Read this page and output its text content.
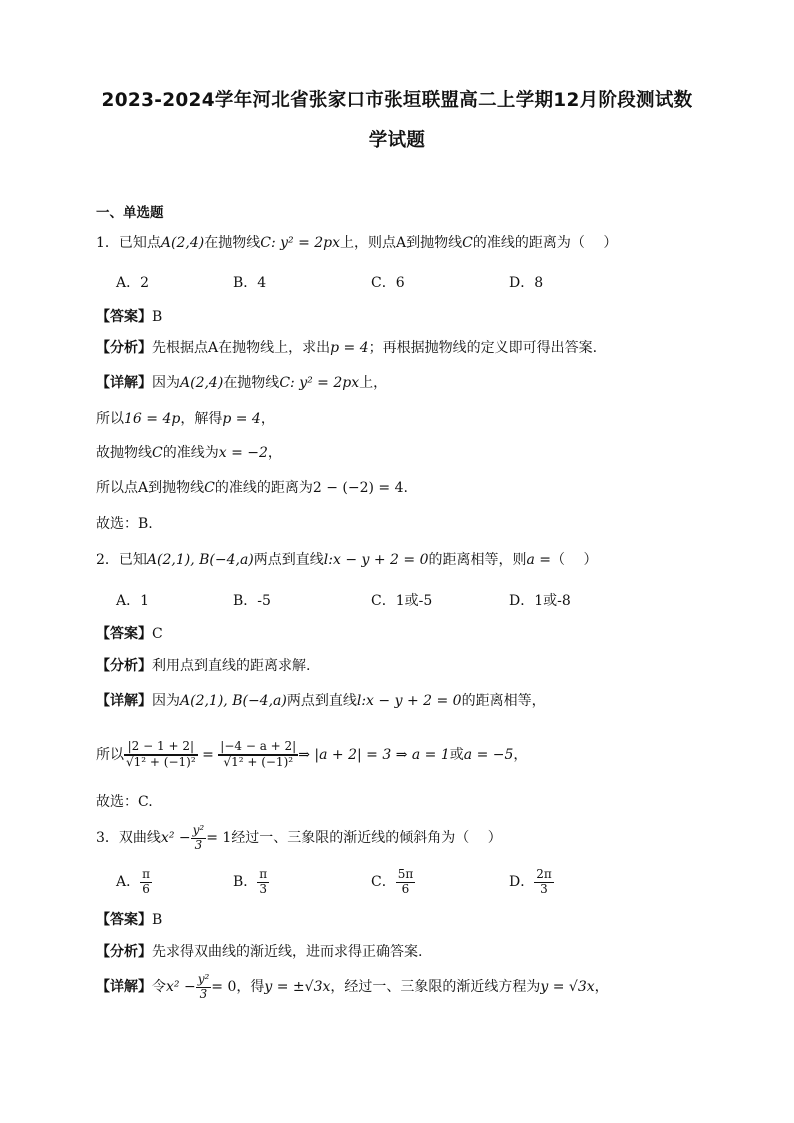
2023-2024学年河北省张家口市张垣联盟高二上学期12月阶段测试数
学试题
一、单选题
1．已知点A(2,4)在抛物线C: y² = 2px上，则点A到抛物线C的准线的距离为（　 ）
A．2	B．4	C．6	D．8
【答案】B
【分析】先根据点A在抛物线上，求出p = 4；再根据抛物线的定义即可得出答案.
【详解】因为A(2,4)在抛物线C: y² = 2px上，
所以16 = 4p，解得p = 4，
故抛物线C的准线为x = −2，
所以点A到抛物线C的准线的距离为2 − (−2) = 4.
故选：B.
2．已知A(2,1), B(−4,a)两点到直线l:x − y + 2 = 0的距离相等，则a =（　 ）
A．1	B．-5	C．1或-5	D．1或-8
【答案】C
【分析】利用点到直线的距离求解.
【详解】因为A(2,1), B(−4,a)两点到直线l:x − y + 2 = 0的距离相等，
所以 $\frac{|2 - 1 + 2|}{\text{√1² + (−1)²}} = \frac{|-4 - a + 2|}{\text{√1² + (−1)²}}$ ⇒ |a + 2| = 3 ⇒ a = 1或a = −5，
故选：C.
3．双曲线$x^2 - \frac{\text{y²}}{3} = 1$经过一、三象限的渐近线的倾斜角为（　 ）
A． $\frac{\pi}{6}$	B． $\frac{\pi}{3}$	C． $\frac{5\pi}{6}$	D． $\frac{2\pi}{3}$
【答案】B
【分析】先求得双曲线的渐近线，进而求得正确答案.
【详解】令$x^2 - \frac{\text{y²}}{3} = 0$，得y = ±√3x，经过一、三象限的渐近线方程为y = √3x，
